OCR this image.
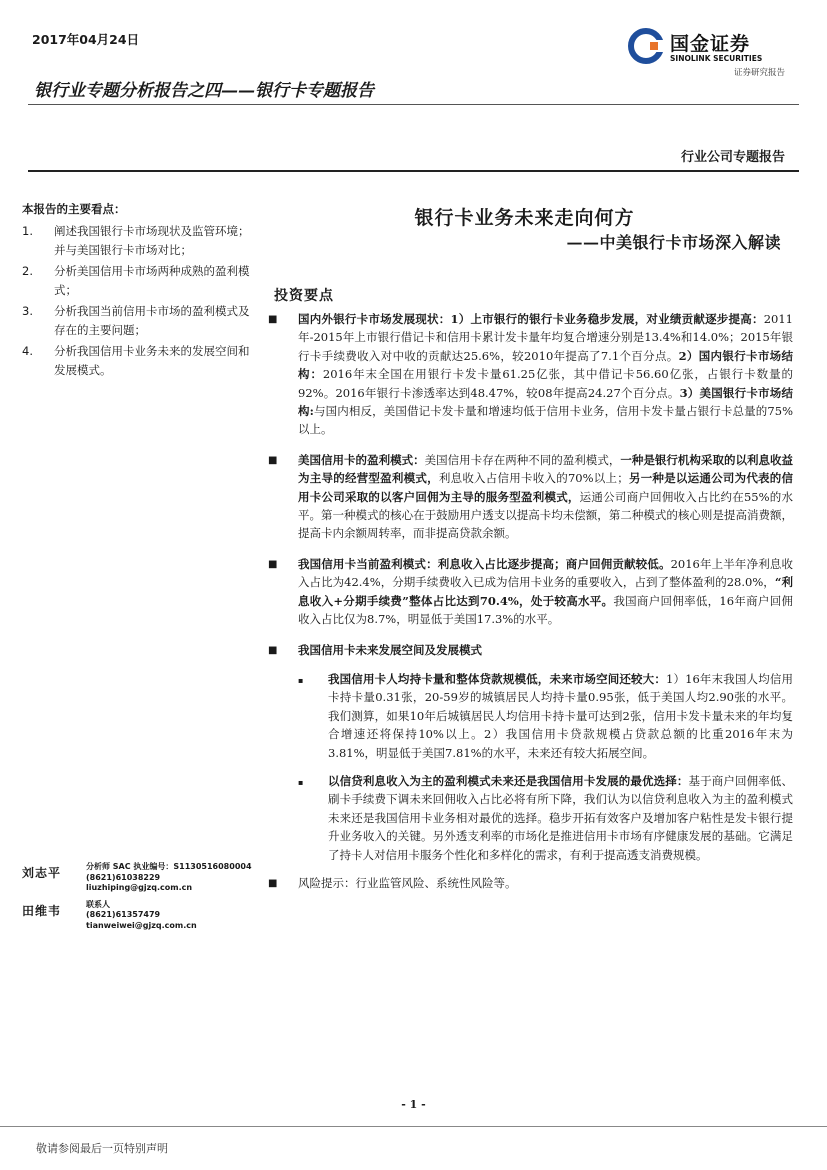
2017年04月24日
银行业专题分析报告之四——银行卡专题报告
国金证券
SINOLINK SECURITIES
证券研究报告
行业公司专题报告
本报告的主要看点：
1.	阐述我国银行卡市场现状及监管环境；并与美国银行卡市场对比；
2.	分析美国信用卡市场两种成熟的盈利模式；
3.	分析我国当前信用卡市场的盈利模式及存在的主要问题；
4.	分析我国信用卡业务未来的发展空间和发展模式。
刘志平	分析师 SAC 执业编号：S1130516080004
(8621)61038229
liuzhiping@gjzq.com.cn
田维韦	联系人
(8621)61357479
tianweiwei@gjzq.com.cn
银行卡业务未来走向何方
——中美银行卡市场深入解读
投资要点
■	国内外银行卡市场发展现状：1）上市银行的银行卡业务稳步发展，对业绩贡献逐步提高：2011年-2015年上市银行借记卡和信用卡累计发卡量年均复合增速分别是13.4%和14.0%；2015年银行卡手续费收入对中收的贡献达25.6%，较2010年提高了7.1个百分点。2）国内银行卡市场结构：2016年末全国在用银行卡发卡量61.25亿张，其中借记卡56.60亿张，占银行卡数量的92%。2016年银行卡渗透率达到48.47%，较08年提高24.27个百分点。3）美国银行卡市场结构:与国内相反，美国借记卡发卡量和增速均低于信用卡业务，信用卡发卡量占银行卡总量的75%以上。
■	美国信用卡的盈利模式：美国信用卡存在两种不同的盈利模式，一种是银行机构采取的以利息收益为主导的经营型盈利模式，利息收入占信用卡收入的70%以上；另一种是以运通公司为代表的信用卡公司采取的以客户回佣为主导的服务型盈利模式，运通公司商户回佣收入占比约在55%的水平。第一种模式的核心在于鼓励用户透支以提高卡均未偿额，第二种模式的核心则是提高消费额，提高卡内余额周转率，而非提高贷款余额。
■	我国信用卡当前盈利模式：利息收入占比逐步提高；商户回佣贡献较低。2016年上半年净利息收入占比为42.4%，分期手续费收入已成为信用卡业务的重要收入，占到了整体盈利的28.0%，“利息收入+分期手续费”整体占比达到70.4%，处于较高水平。我国商户回佣率低，16年商户回佣收入占比仅为8.7%，明显低于美国17.3%的水平。
■	我国信用卡未来发展空间及发展模式
▪	我国信用卡人均持卡量和整体贷款规模低，未来市场空间还较大：1）16年末我国人均信用卡持卡量0.31张，20-59岁的城镇居民人均持卡量0.95张，低于美国人均2.90张的水平。我们测算，如果10年后城镇居民人均信用卡持卡量可达到2张，信用卡发卡量未来的年均复合增速还将保持10%以上。2）我国信用卡贷款规模占贷款总额的比重2016年末为3.81%，明显低于美国7.81%的水平，未来还有较大拓展空间。
▪	以信贷利息收入为主的盈利模式未来还是我国信用卡发展的最优选择：基于商户回佣率低、刷卡手续费下调未来回佣收入占比必将有所下降，我们认为以信贷利息收入为主的盈利模式未来还是我国信用卡业务相对最优的选择。稳步开拓有效客户及增加客户粘性是发卡银行提升业务收入的关键。另外透支利率的市场化是推进信用卡市场有序健康发展的基础。它满足了持卡人对信用卡服务个性化和多样化的需求，有利于提高透支消费规模。
■	风险提示：行业监管风险、系统性风险等。
- 1 -
敬请参阅最后一页特别声明
